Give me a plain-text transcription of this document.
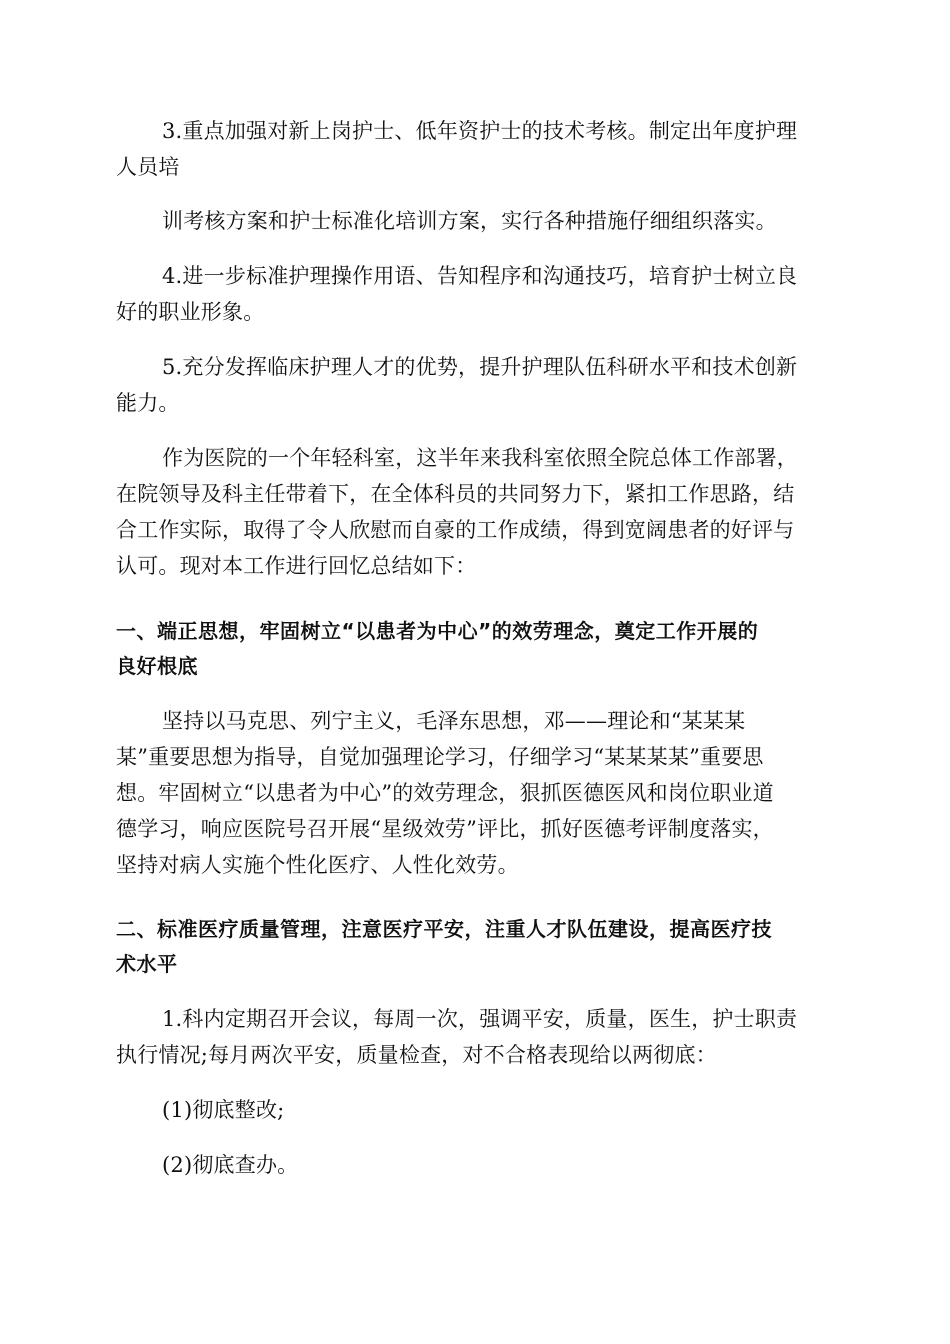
3.重点加强对新上岗护士、低年资护士的技术考核。制定出年度护理
人员培
训考核方案和护士标准化培训方案，实行各种措施仔细组织落实。
4.进一步标准护理操作用语、告知程序和沟通技巧，培育护士树立良
好的职业形象。
5.充分发挥临床护理人才的优势，提升护理队伍科研水平和技术创新
能力。
作为医院的一个年轻科室，这半年来我科室依照全院总体工作部署，
在院领导及科主任带着下，在全体科员的共同努力下，紧扣工作思路，结
合工作实际，取得了令人欣慰而自豪的工作成绩，得到宽阔患者的好评与
认可。现对本工作进行回忆总结如下：
一、端正思想，牢固树立“以患者为中心”的效劳理念，奠定工作开展的
良好根底
坚持以马克思、列宁主义，毛泽东思想，邓——理论和“某某某
某”重要思想为指导，自觉加强理论学习，仔细学习“某某某某”重要思
想。牢固树立“以患者为中心”的效劳理念，狠抓医德医风和岗位职业道
德学习，响应医院号召开展“星级效劳”评比，抓好医德考评制度落实，
坚持对病人实施个性化医疗、人性化效劳。
二、标准医疗质量管理，注意医疗平安，注重人才队伍建设，提高医疗技
术水平
1.科内定期召开会议，每周一次，强调平安，质量，医生，护士职责
执行情况;每月两次平安，质量检查，对不合格表现给以两彻底：
(1)彻底整改;
(2)彻底查办。
